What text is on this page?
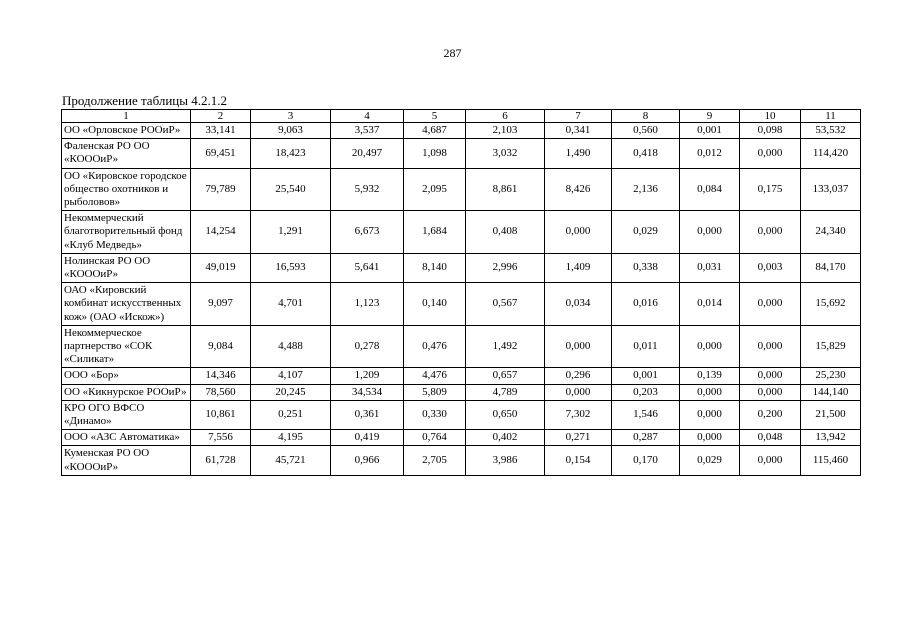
287
Продолжение таблицы 4.2.1.2
1	2	3	4	5	6	7	8	9	10	11
ОО «Орловское РООиР»	33,141	9,063	3,537	4,687	2,103	0,341	0,560	0,001	0,098	53,532
Фаленская РО ОО «КОООиР»	69,451	18,423	20,497	1,098	3,032	1,490	0,418	0,012	0,000	114,420
ОО «Кировское городское общество охотников и рыболовов»	79,789	25,540	5,932	2,095	8,861	8,426	2,136	0,084	0,175	133,037
Некоммерческий благотворительный фонд «Клуб Медведь»	14,254	1,291	6,673	1,684	0,408	0,000	0,029	0,000	0,000	24,340
Нолинская РО ОО «КОООиР»	49,019	16,593	5,641	8,140	2,996	1,409	0,338	0,031	0,003	84,170
ОАО «Кировский комбинат искусственных кож» (ОАО «Искож»)	9,097	4,701	1,123	0,140	0,567	0,034	0,016	0,014	0,000	15,692
Некоммерческое партнерство «СОК «Силикат»	9,084	4,488	0,278	0,476	1,492	0,000	0,011	0,000	0,000	15,829
ООО «Бор»	14,346	4,107	1,209	4,476	0,657	0,296	0,001	0,139	0,000	25,230
ОО «Кикнурское РООиР»	78,560	20,245	34,534	5,809	4,789	0,000	0,203	0,000	0,000	144,140
КРО ОГО ВФСО «Динамо»	10,861	0,251	0,361	0,330	0,650	7,302	1,546	0,000	0,200	21,500
ООО «АЗС Автоматика»	7,556	4,195	0,419	0,764	0,402	0,271	0,287	0,000	0,048	13,942
Куменская РО ОО «КОООиР»	61,728	45,721	0,966	2,705	3,986	0,154	0,170	0,029	0,000	115,460
